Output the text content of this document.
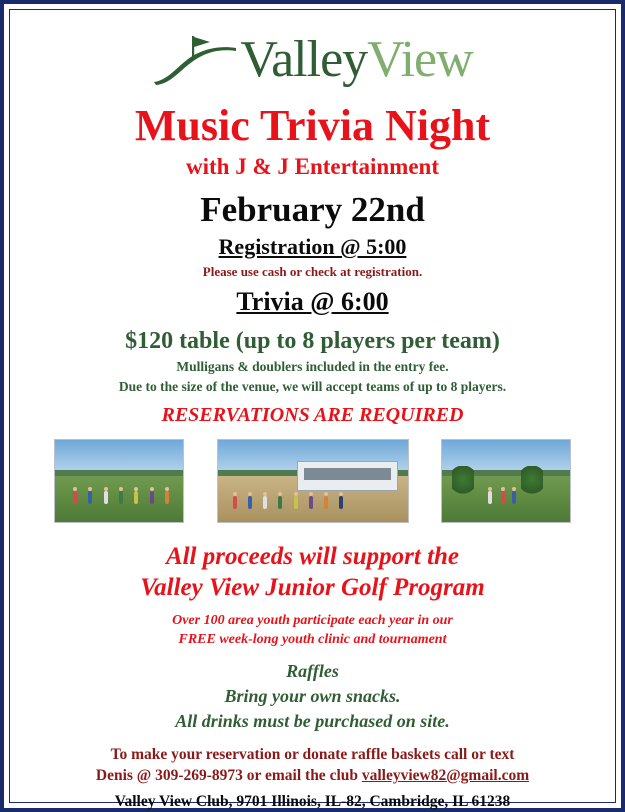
ValleyView
Music Trivia Night
with J & J Entertainment
February 22nd
Registration @ 5:00
Please use cash or check at registration.
Trivia @ 6:00
$120 table (up to 8 players per team)
Mulligans & doublers included in the entry fee.
Due to the size of the venue, we will accept teams of up to 8 players.
RESERVATIONS ARE REQUIRED
All proceeds will support the
Valley View Junior Golf Program
Over 100 area youth participate each year in our
FREE week-long youth clinic and tournament
Raffles
Bring your own snacks.
All drinks must be purchased on site.
To make your reservation or donate raffle baskets call or text
Denis @ 309-269-8973 or email the club valleyview82@gmail.com
Valley View Club, 9701 Illinois, IL-82, Cambridge, IL 61238
